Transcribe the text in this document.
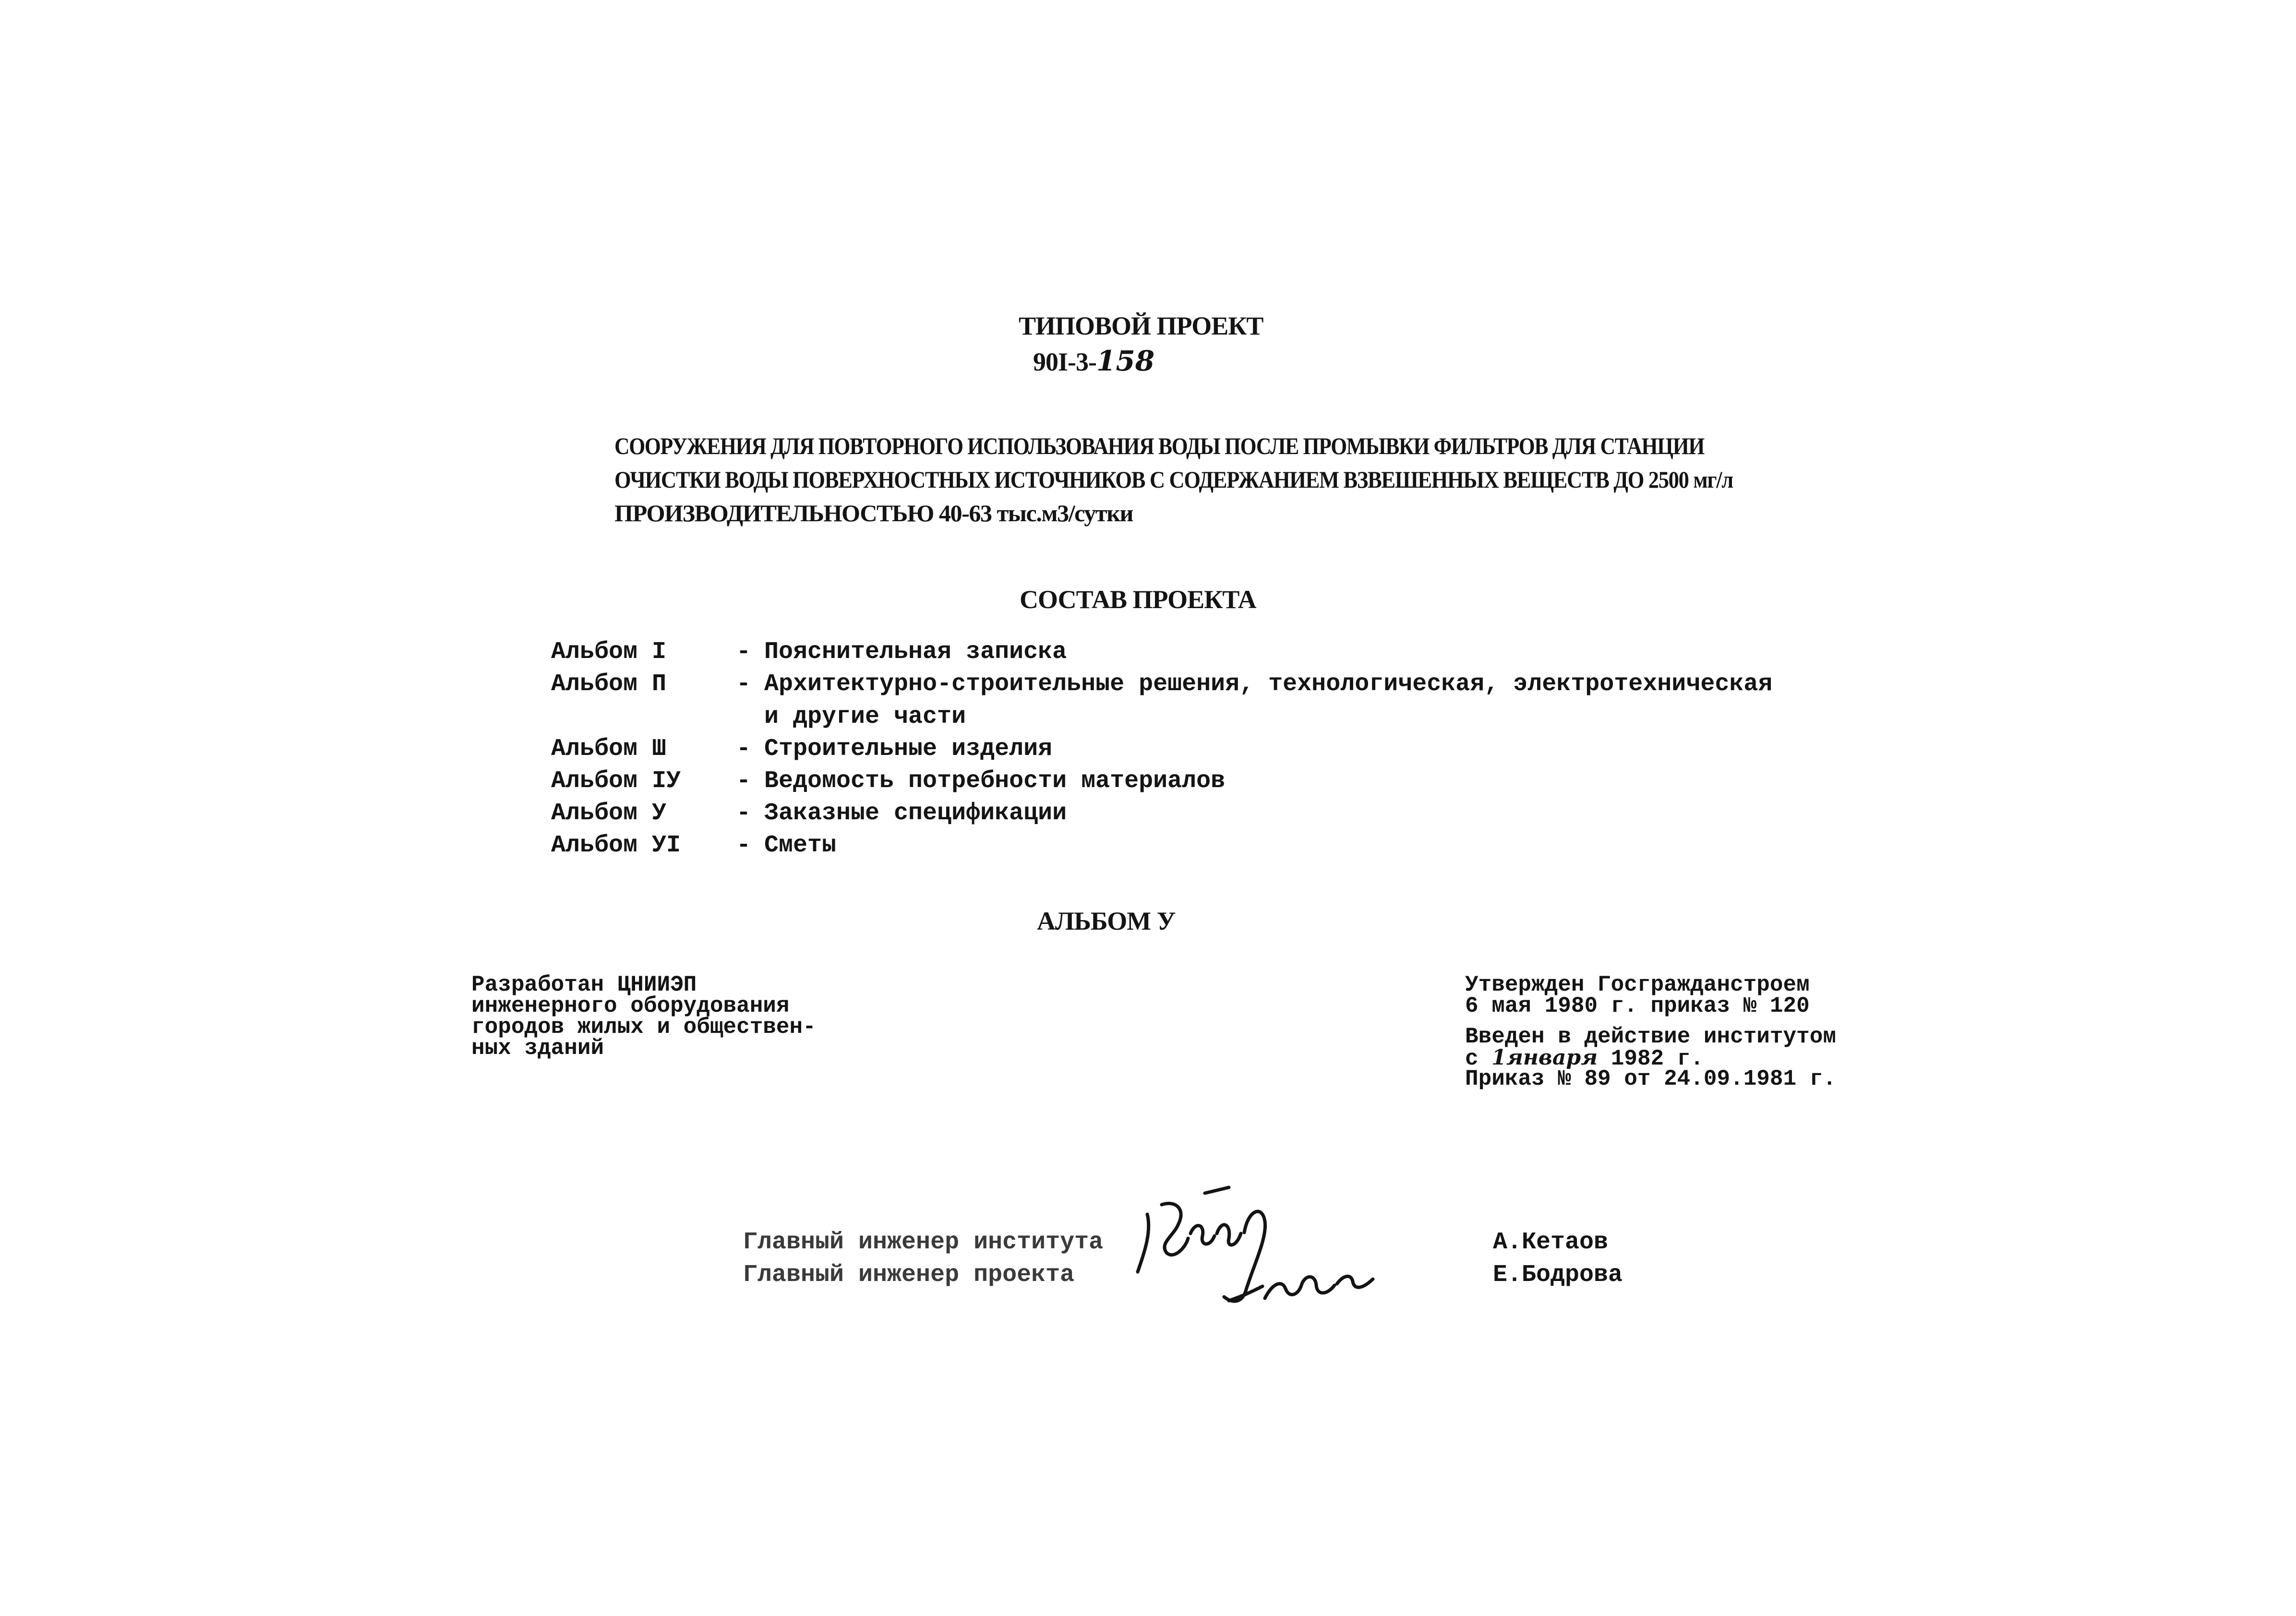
ТИПОВОЙ ПРОЕКТ
90I-3-158
СООРУЖЕНИЯ ДЛЯ ПОВТОРНОГО ИСПОЛЬЗОВАНИЯ ВОДЫ ПОСЛЕ ПРОМЫВКИ ФИЛЬТРОВ ДЛЯ СТАНЦИИ
ОЧИСТКИ ВОДЫ ПОВЕРХНОСТНЫХ ИСТОЧНИКОВ С СОДЕРЖАНИЕМ ВЗВЕШЕННЫХ ВЕЩЕСТВ ДО 2500 мг/л
ПРОИЗВОДИТЕЛЬНОСТЬЮ 40-63 тыс.м3/сутки
СОСТАВ ПРОЕКТА
Альбом I	- Пояснительная записка
Альбом П	- Архитектурно-строительные решения, технологическая, электротехническая
и другие части
Альбом Ш	- Строительные изделия
Альбом IУ - Ведомость потребности материалов
Альбом У	- Заказные спецификации
Альбом УI - Сметы
АЛЬБОМ У
Разработан ЦНИИЭП
инженерного оборудования
городов жилых и обществен-
ных зданий
Утвержден Госгражданстроем
6 мая 1980 г. приказ № 120
Введен в действие институтом
с 1января 1982 г.
Приказ № 89 от 24.09.1981 г.
Главный инженер института	А.Кетаов
Главный инженер проекта	Е.Бодрова
